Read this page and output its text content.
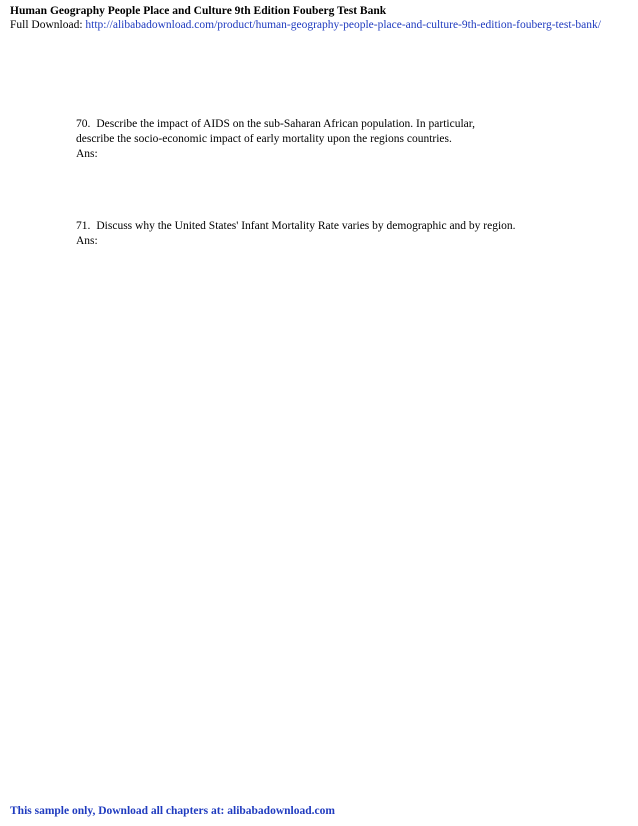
Human Geography People Place and Culture 9th Edition Fouberg Test Bank
Full Download: http://alibabadownload.com/product/human-geography-people-place-and-culture-9th-edition-fouberg-test-bank/
70. Describe the impact of AIDS on the sub-Saharan African population. In particular,
describe the socio-economic impact of early mortality upon the regions countries.
Ans:
71. Discuss why the United States' Infant Mortality Rate varies by demographic and by region.
Ans:
This sample only, Download all chapters at: alibabadownload.com
